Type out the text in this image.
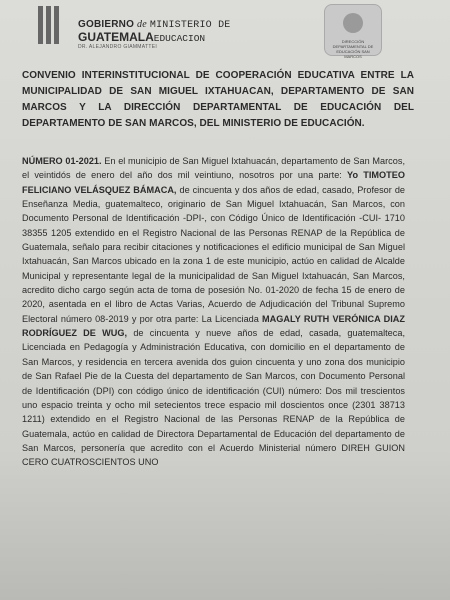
GOBIERNO de MINISTERIO DE
GUATEMALAEDUCACION
DR. ALEJANDRO GIAMMATTEI
DIRECCIÓN DEPARTAMENTAL DE EDUCACIÓN SAN MARCOS
CONVENIO INTERINSTITUCIONAL DE COOPERACIÓN EDUCATIVA ENTRE LA MUNICIPALIDAD DE SAN MIGUEL IXTAHUACAN, DEPARTAMENTO DE SAN MARCOS Y LA DIRECCIÓN DEPARTAMENTAL DE EDUCACIÓN DEL DEPARTAMENTO DE SAN MARCOS, DEL MINISTERIO DE EDUCACIÓN.
NÚMERO 01-2021. En el municipio de San Miguel Ixtahuacán, departamento de San Marcos, el veintidós de enero del año dos mil veintiuno, nosotros por una parte: Yo TIMOTEO FELICIANO VELÁSQUEZ BÁMACA, de cincuenta y dos años de edad, casado, Profesor de Enseñanza Media, guatemalteco, originario de San Miguel Ixtahuacán, San Marcos, con Documento Personal de Identificación -DPI-, con Código Único de Identificación -CUI- 1710 38355 1205 extendido en el Registro Nacional de las Personas RENAP de la República de Guatemala, señalo para recibir citaciones y notificaciones el edificio municipal de San Miguel Ixtahuacán, San Marcos ubicado en la zona 1 de este municipio, actúo en calidad de Alcalde Municipal y representante legal de la municipalidad de San Miguel Ixtahuacán, San Marcos, acredito dicho cargo según acta de toma de posesión No. 01-2020 de fecha 15 de enero de 2020, asentada en el libro de Actas Varias, Acuerdo de Adjudicación del Tribunal Supremo Electoral número 08-2019 y por otra parte: La Licenciada MAGALY RUTH VERÓNICA DIAZ RODRÍGUEZ DE WUG, de cincuenta y nueve años de edad, casada, guatemalteca, Licenciada en Pedagogía y Administración Educativa, con domicilio en el departamento de San Marcos, y residencia en tercera avenida dos guion cincuenta y uno zona dos municipio de San Rafael Pie de la Cuesta del departamento de San Marcos, con Documento Personal de Identificación (DPI) con código único de identificación (CUI) número: Dos mil trescientos uno espacio treinta y ocho mil setecientos trece espacio mil doscientos once (2301 38713 1211) extendido en el Registro Nacional de las Personas RENAP de la República de Guatemala, actúo en calidad de Directora Departamental de Educación del departamento de San Marcos, personería que acredito con el Acuerdo Ministerial número DIREH GUION CERO CUATROSCIENTOS UNO
